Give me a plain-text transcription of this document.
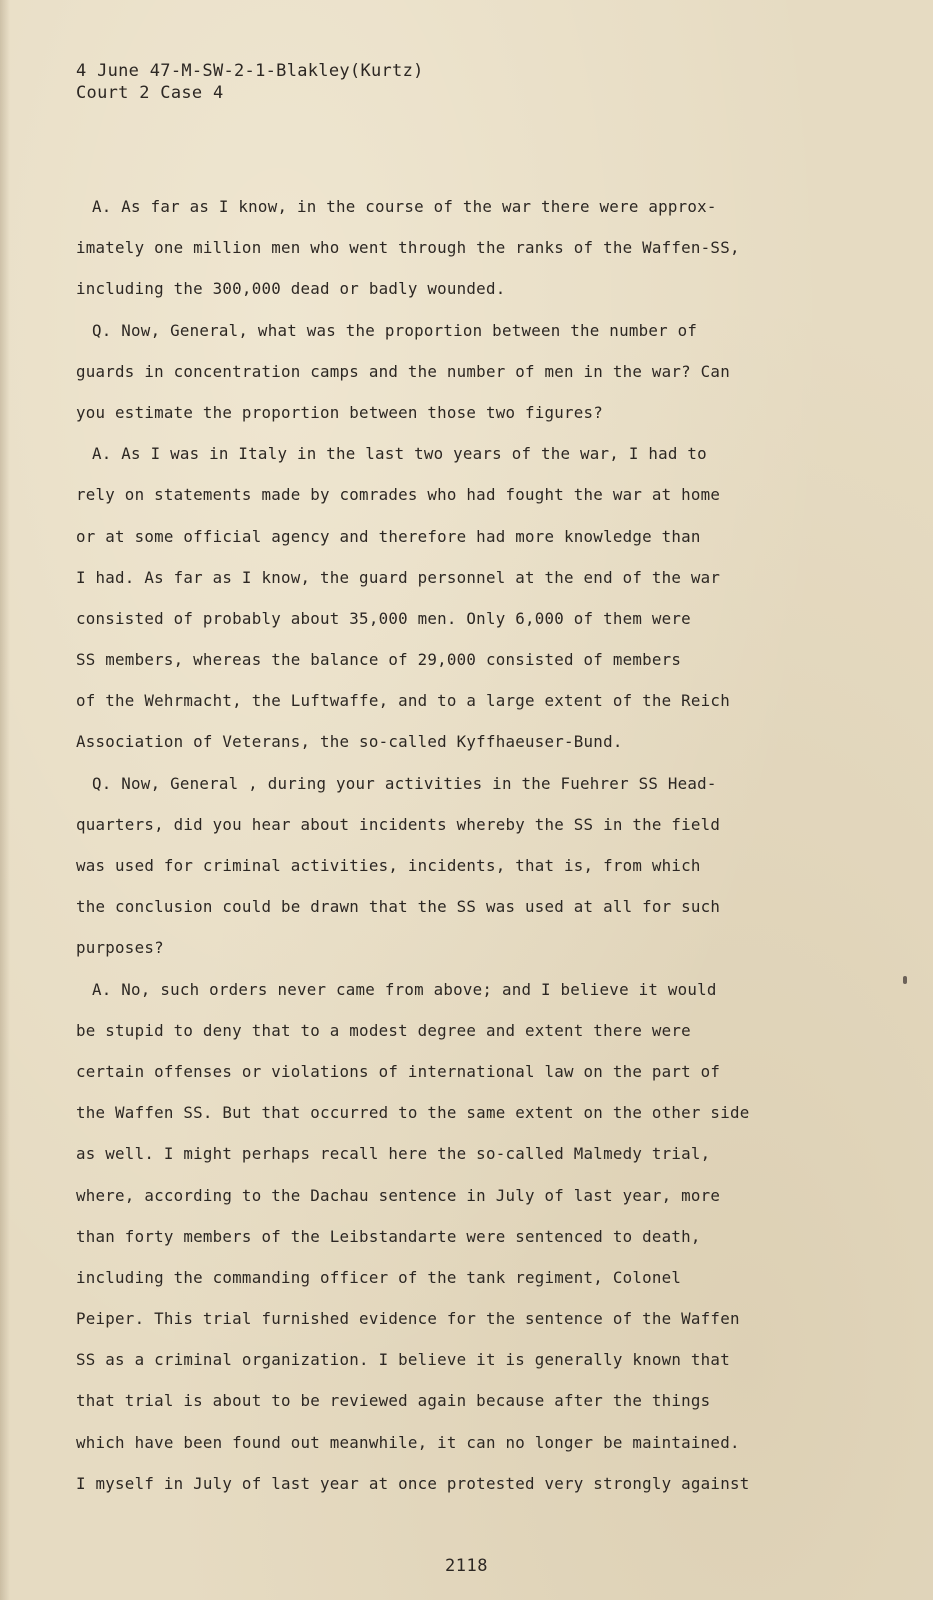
4 June 47-M-SW-2-1-Blakley(Kurtz)
Court 2 Case 4
A. As far as I know, in the course of the war there were approx-
imately one million men who went through the ranks of the Waffen-SS,
including the 300,000 dead or badly wounded.
Q. Now, General, what was the proportion between the number of
guards in concentration camps and the number of men in the war? Can
you estimate the proportion between those two figures?
A. As I was in Italy in the last two years of the war, I had to
rely on statements made by comrades who had fought the war at home
or at some official agency and therefore had more knowledge than
I had. As far as I know, the guard personnel at the end of the war
consisted of probably about 35,000 men. Only 6,000 of them were
SS members, whereas the balance of 29,000 consisted of members
of the Wehrmacht, the Luftwaffe, and to a large extent of the Reich
Association of Veterans, the so-called Kyffhaeuser-Bund.
Q. Now, General , during your activities in the Fuehrer SS Head-
quarters, did you hear about incidents whereby the SS in the field
was used for criminal activities, incidents, that is, from which
the conclusion could be drawn that the SS was used at all for such
purposes?
A. No, such orders never came from above; and I believe it would
be stupid to deny that to a modest degree and extent there were
certain offenses or violations of international law on the part of
the Waffen SS. But that occurred to the same extent on the other side
as well. I might perhaps recall here the so-called Malmedy trial,
where, according to the Dachau sentence in July of last year, more
than forty members of the Leibstandarte were sentenced to death,
including the commanding officer of the tank regiment, Colonel
Peiper. This trial furnished evidence for the sentence of the Waffen
SS as a criminal organization. I believe it is generally known that
that trial is about to be reviewed again because after the things
which have been found out meanwhile, it can no longer be maintained.
I myself in July of last year at once protested very strongly against
2118
